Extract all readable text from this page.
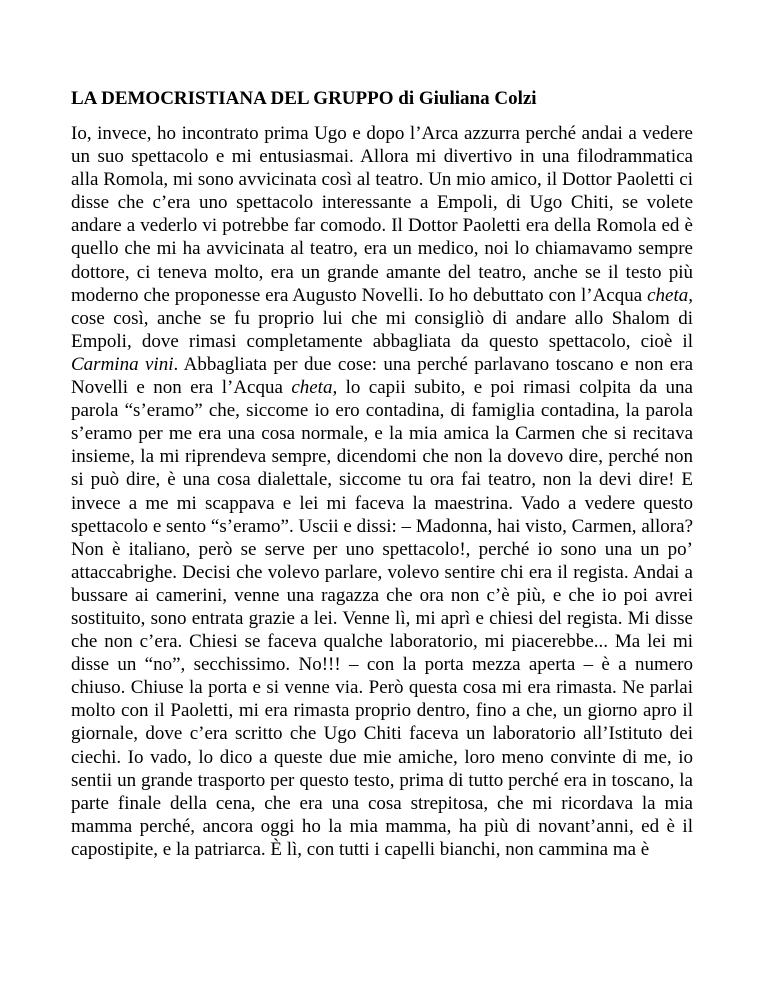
LA DEMOCRISTIANA DEL GRUPPO di Giuliana Colzi

Io, invece, ho incontrato prima Ugo e dopo l’Arca azzurra perché andai a vedere un suo spettacolo e mi entusiasmai. Allora mi divertivo in una filodrammatica alla Romola, mi sono avvicinata così al teatro. Un mio amico, il Dottor Paoletti ci disse che c’era uno spettacolo interessante a Empoli, di Ugo Chiti, se volete andare a vederlo vi potrebbe far comodo. Il Dottor Paoletti era della Romola ed è quello che mi ha avvicinata al teatro, era un medico, noi lo chiamavamo sempre dottore, ci teneva molto, era un grande amante del teatro, anche se il testo più moderno che proponesse era Augusto Novelli. Io ho debuttato con l’Acqua cheta, cose così, anche se fu proprio lui che mi consigliò di andare allo Shalom di Empoli, dove rimasi completamente abbagliata da questo spettacolo, cioè il Carmina vini. Abbagliata per due cose: una perché parlavano toscano e non era Novelli e non era l’Acqua cheta, lo capii subito, e poi rimasi colpita da una parola “s’eramo” che, siccome io ero contadina, di famiglia contadina, la parola s’eramo per me era una cosa normale, e la mia amica la Carmen che si recitava insieme, la mi riprendeva sempre, dicendomi che non la dovevo dire, perché non si può dire, è una cosa dialettale, siccome tu ora fai teatro, non la devi dire! E invece a me mi scappava e lei mi faceva la maestrina. Vado a vedere questo spettacolo e sento “s’eramo”. Uscii e dissi: – Madonna, hai visto, Carmen, allora? Non è italiano, però se serve per uno spettacolo!, perché io sono una un po’ attaccabrighe. Decisi che volevo parlare, volevo sentire chi era il regista. Andai a bussare ai camerini, venne una ragazza che ora non c’è più, e che io poi avrei sostituito, sono entrata grazie a lei. Venne lì, mi aprì e chiesi del regista. Mi disse che non c’era. Chiesi se faceva qualche laboratorio, mi piacerebbe... Ma lei mi disse un “no”, secchissimo. No!!! – con la porta mezza aperta – è a numero chiuso. Chiuse la porta e si venne via. Però questa cosa mi era rimasta. Ne parlai molto con il Paoletti, mi era rimasta proprio dentro, fino a che, un giorno apro il giornale, dove c’era scritto che Ugo Chiti faceva un laboratorio all’Istituto dei ciechi. Io vado, lo dico a queste due mie amiche, loro meno convinte di me, io sentii un grande trasporto per questo testo, prima di tutto perché era in toscano, la parte finale della cena, che era una cosa strepitosa, che mi ricordava la mia mamma perché, ancora oggi ho la mia mamma, ha più di novant’anni, ed è il capostipite, e la patriarca. È lì, con tutti i capelli bianchi, non cammina ma è
